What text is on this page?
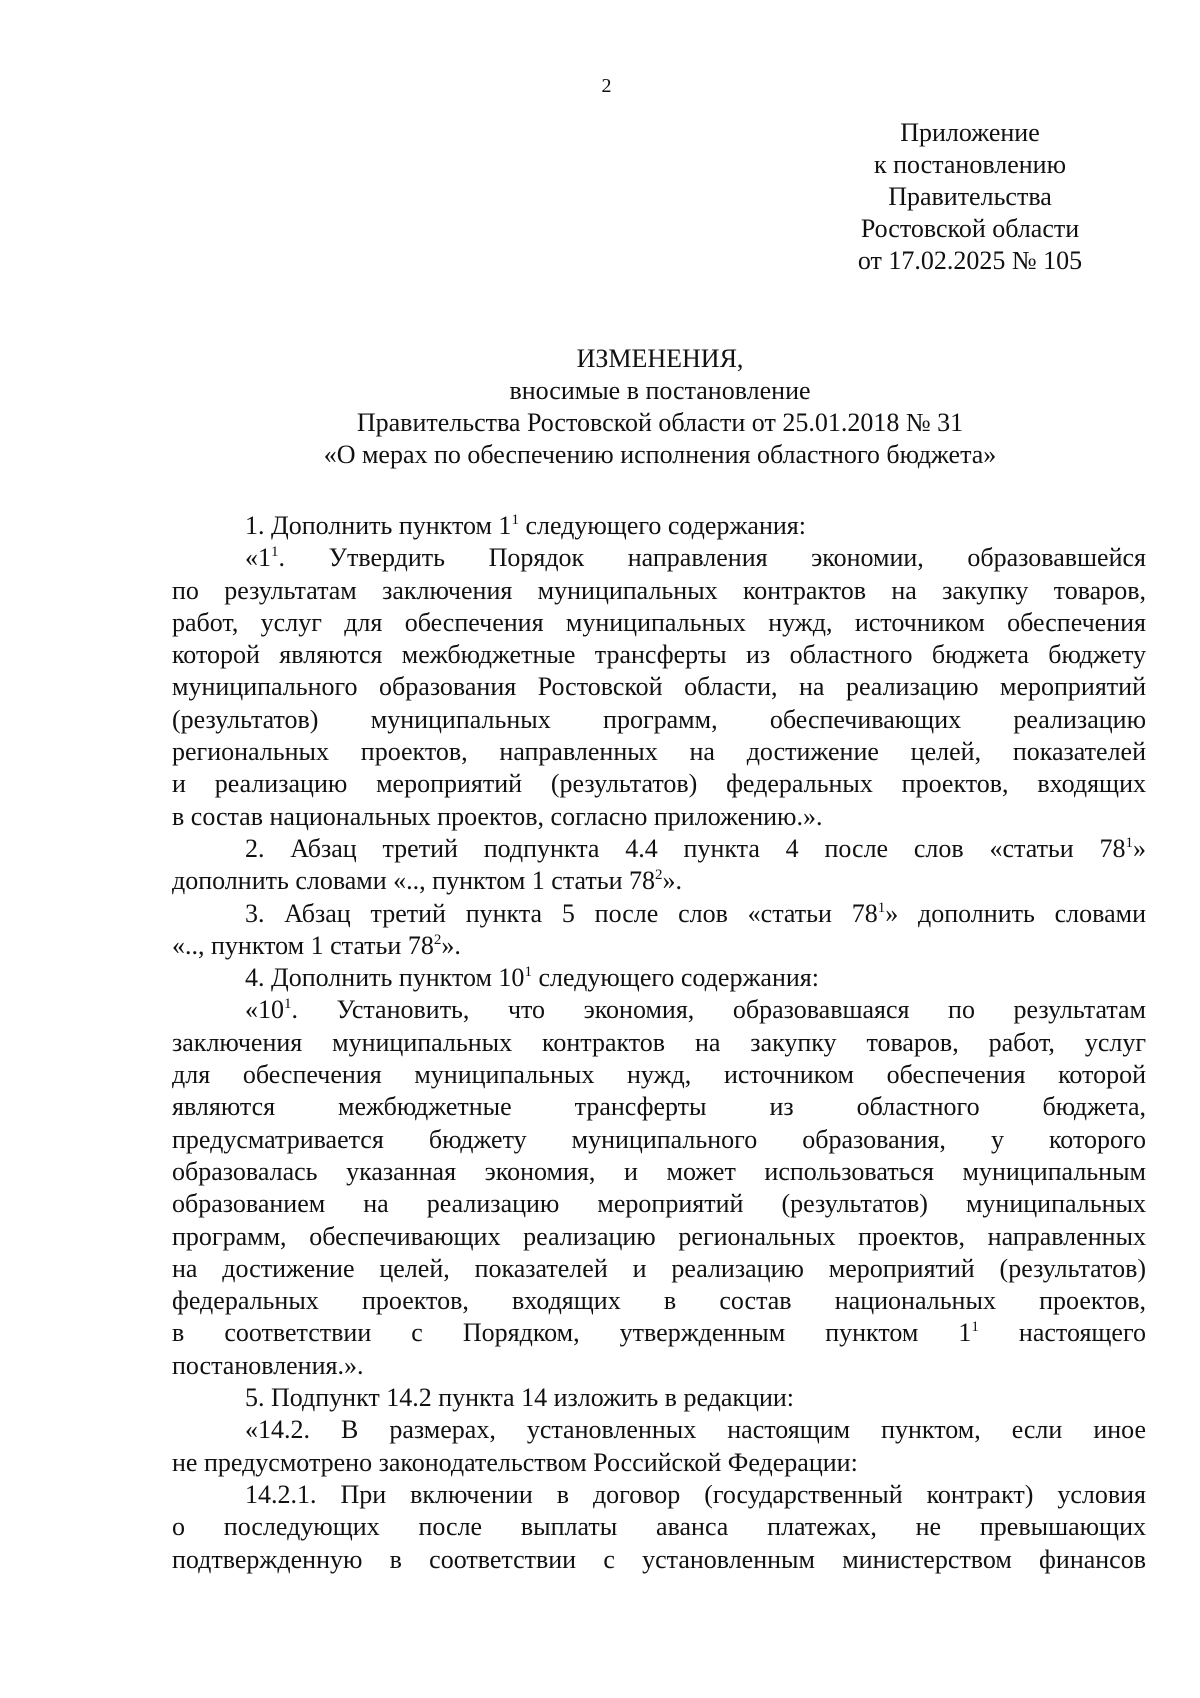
2
Приложение
к постановлению
Правительства
Ростовской области
от 17.02.2025 № 105
ИЗМЕНЕНИЯ,
вносимые в постановление
Правительства Ростовской области от 25.01.2018 № 31
«О мерах по обеспечению исполнения областного бюджета»
1. Дополнить пунктом $1^1$ следующего содержания:
«$1^1$. Утвердить Порядок направления экономии, образовавшейся
по результатам заключения муниципальных контрактов на закупку товаров,
работ, услуг для обеспечения муниципальных нужд, источником обеспечения
которой являются межбюджетные трансферты из областного бюджета бюджету
муниципального образования Ростовской области, на реализацию мероприятий
(результатов) муниципальных программ, обеспечивающих реализацию
региональных проектов, направленных на достижение целей, показателей
и реализацию мероприятий (результатов) федеральных проектов, входящих
в состав национальных проектов, согласно приложению.».
2. Абзац третий подпункта 4.4 пункта 4 после слов «статьи $78^1$»
дополнить словами «.., пунктом 1 статьи $78^2$».
3. Абзац третий пункта 5 после слов «статьи $78^1$» дополнить словами
«.., пунктом 1 статьи $78^2$».
4. Дополнить пунктом $10^1$ следующего содержания:
«$10^1$. Установить, что экономия, образовавшаяся по результатам
заключения муниципальных контрактов на закупку товаров, работ, услуг
для обеспечения муниципальных нужд, источником обеспечения которой
являются межбюджетные трансферты из областного бюджета,
предусматривается бюджету муниципального образования, у которого
образовалась указанная экономия, и может использоваться муниципальным
образованием на реализацию мероприятий (результатов) муниципальных
программ, обеспечивающих реализацию региональных проектов, направленных
на достижение целей, показателей и реализацию мероприятий (результатов)
федеральных проектов, входящих в состав национальных проектов,
в соответствии с Порядком, утвержденным пунктом $1^1$ настоящего
постановления.».
5. Подпункт 14.2 пункта 14 изложить в редакции:
«14.2. В размерах, установленных настоящим пунктом, если иное
не предусмотрено законодательством Российской Федерации:
14.2.1. При включении в договор (государственный контракт) условия
о последующих после выплаты аванса платежах, не превышающих
подтвержденную в соответствии с установленным министерством финансов
